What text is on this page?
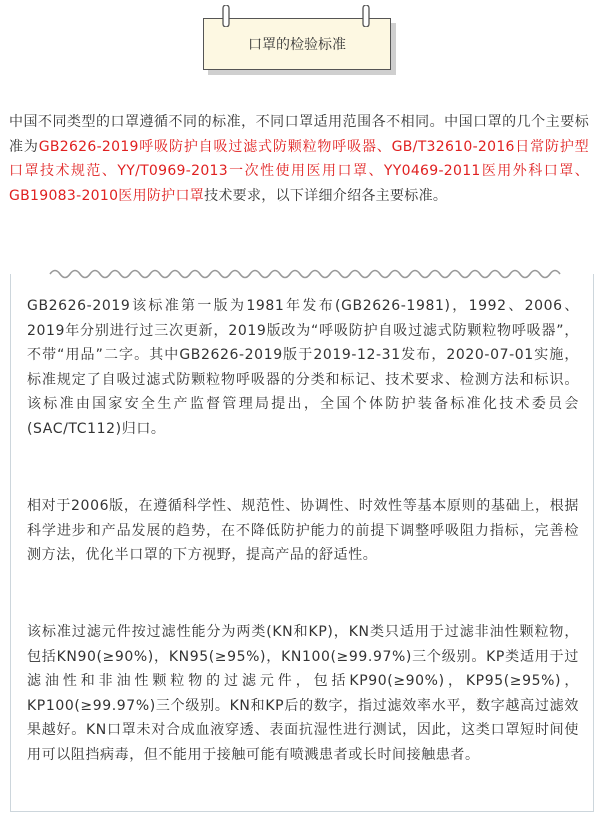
口罩的检验标准
中国不同类型的口罩遵循不同的标准，不同口罩适用范围各不相同。中国口罩的几个主要标准为GB2626-2019呼吸防护自吸过滤式防颗粒物呼吸器、GB/T32610-2016日常防护型口罩技术规范、YY/T0969-2013一次性使用医用口罩、YY0469-2011医用外科口罩、GB19083-2010医用防护口罩技术要求，以下详细介绍各主要标准。

GB2626-2019该标准第一版为1981年发布(GB2626-1981)，1992、2006、2019年分别进行过三次更新，2019版改为“呼吸防护自吸过滤式防颗粒物呼吸器”，不带“用品”二字。其中GB2626-2019版于2019-12-31发布，2020-07-01实施，标准规定了自吸过滤式防颗粒物呼吸器的分类和标记、技术要求、检测方法和标识。该标准由国家安全生产监督管理局提出，全国个体防护装备标准化技术委员会(SAC/TC112)归口。

相对于2006版，在遵循科学性、规范性、协调性、时效性等基本原则的基础上，根据科学进步和产品发展的趋势，在不降低防护能力的前提下调整呼吸阻力指标，完善检测方法，优化半口罩的下方视野，提高产品的舒适性。

该标准过滤元件按过滤性能分为两类(KN和KP)，KN类只适用于过滤非油性颗粒物，包括KN90(≥90%)，KN95(≥95%)，KN100(≥99.97%)三个级别。KP类适用于过滤油性和非油性颗粒物的过滤元件，包括KP90(≥90%)，KP95(≥95%)，KP100(≥99.97%)三个级别。KN和KP后的数字，指过滤效率水平，数字越高过滤效果越好。KN口罩未对合成血液穿透、表面抗湿性进行测试，因此，这类口罩短时间使用可以阻挡病毒，但不能用于接触可能有喷溅患者或长时间接触患者。
